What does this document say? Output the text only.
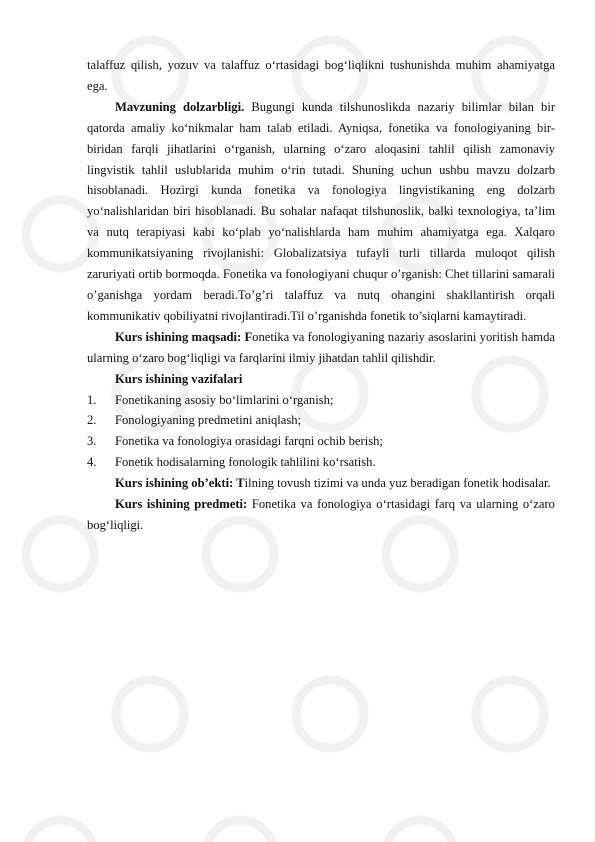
talaffuz qilish, yozuv va talaffuz o‘rtasidagi bog‘liqlikni tushunishda muhim ahamiyatga ega.

Mavzuning dolzarbligi. Bugungi kunda tilshunoslikda nazariy bilimlar bilan bir qatorda amaliy ko‘nikmalar ham talab etiladi. Ayniqsa, fonetika va fonologiyaning bir-biridan farqli jihatlarini o‘rganish, ularning o‘zaro aloqasini tahlil qilish zamonaviy lingvistik tahlil uslublarida muhim o‘rin tutadi. Shuning uchun ushbu mavzu dolzarb hisoblanadi. Hozirgi kunda fonetika va fonologiya lingvistikaning eng dolzarb yo‘nalishlaridan biri hisoblanadi. Bu sohalar nafaqat tilshunoslik, balki texnologiya, ta’lim va nutq terapiyasi kabi ko‘plab yo‘nalishlarda ham muhim ahamiyatga ega. Xalqaro kommunikatsiyaning rivojlanishi: Globalizatsiya tufayli turli tillarda muloqot qilish zaruriyati ortib bormoqda. Fonetika va fonologiyani chuqur o’rganish: Chet tillarini samarali o’ganishga yordam beradi.To’g’ri talaffuz va nutq ohangini shakllantirish orqali kommunikativ qobiliyatni rivojlantiradi.Til o’rganishda fonetik to’siqlarni kamaytiradi.

Kurs ishining maqsadi: Fonetika va fonologiyaning nazariy asoslarini yoritish hamda ularning o‘zaro bog‘liqligi va farqlarini ilmiy jihatdan tahlil qilishdir.

Kurs ishining vazifalari

1. Fonetikaning asosiy bo‘limlarini o‘rganish;
2. Fonologiyaning predmetini aniqlash;
3. Fonetika va fonologiya orasidagi farqni ochib berish;
4. Fonetik hodisalarning fonologik tahlilini ko‘rsatish.

Kurs ishining ob’ekti: Tilning tovush tizimi va unda yuz beradigan fonetik hodisalar.

Kurs ishining predmeti: Fonetika va fonologiya o‘rtasidagi farq va ularning o‘zaro bog‘liqligi.
